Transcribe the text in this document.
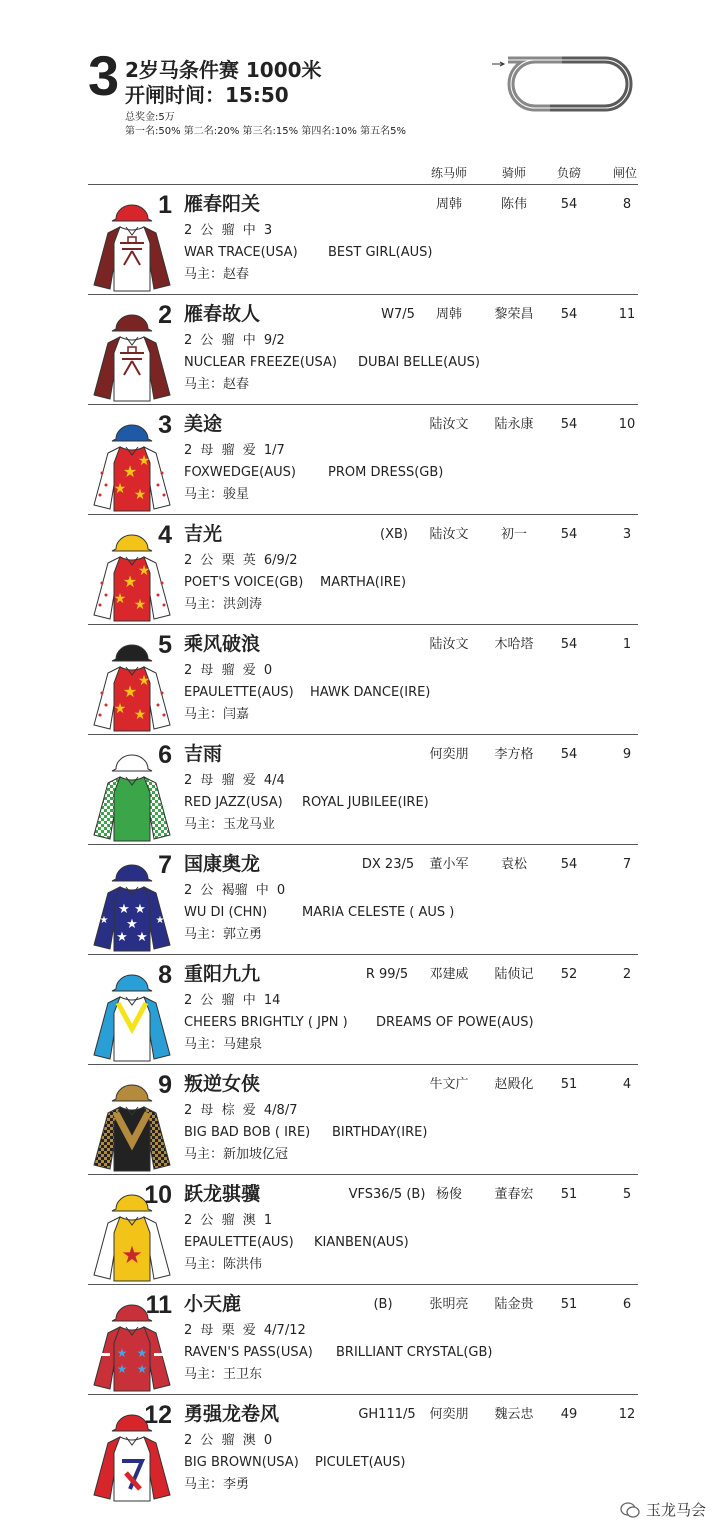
3 2岁马条件赛 1000米
开闸时间：15:50
总奖金:5万
第一名:50% 第二名:20% 第三名:15% 第四名:10% 第五名5%
练马师	骑师	负磅	闸位
1 雁春阳关	周韩	陈伟	54	8
2 公 骝 中 3
WAR TRACE(USA) BEST GIRL(AUS)
马主：赵春
2 雁春故人	W7/5	周韩	黎荣昌	54	11
2 公 骝 中 9/2
NUCLEAR FREEZE(USA) DUBAI BELLE(AUS)
马主：赵春
★
★
★ ★
3 美途	陆汝文	陆永康	54	10
2 母 骝 爱 1/7
FOXWEDGE(AUS) PROM DRESS(GB)
马主：骏星
★
★
★ ★
4 吉光	(XB)	陆汝文	初一	54	3
2 公 栗 英 6/9/2
POET'S VOICE(GB) MARTHA(IRE)
马主：洪剑涛
★
★
★ ★
5 乘风破浪	陆汝文	木哈塔	54	1
2 母 骝 爱 0
EPAULETTE(AUS) HAWK DANCE(IRE)
马主：闫嘉
6 吉雨	何奕朋	李方格	54	9
2 母 骝 爱 4/4
RED JAZZ(USA) ROYAL JUBILEE(IRE)
马主：玉龙马业
★ ★
★
★ ★
★	★
7 国康奥龙	DX 23/5	董小军	袁松	54	7
2 公 褐骝 中 0
WU DI (CHN)	MARIA CELESTE ( AUS )
马主：郭立勇
8 重阳九九	R 99/5	邓建威	陆侦记	52	2
2 公 骝 中 14
CHEERS BRIGHTLY ( JPN ) DREAMS OF POWE(AUS)
马主：马建泉
9 叛逆女侠	牛文广	赵殿化	51	4
2 母 棕 爱 4/8/7
BIG BAD BOB ( IRE) BIRTHDAY(IRE)
马主：新加坡亿冠
★
10 跃龙骐骥	VFS36/5 (B) 杨俊	董春宏	51	5
2 公 骝 澳 1
EPAULETTE(AUS) KIANBEN(AUS)
马主：陈洪伟
★ ★
★ ★
11 小天鹿	(B)	张明亮	陆金贵	51	6
2 母 栗 爱 4/7/12
RAVEN'S PASS(USA) BRILLIANT CRYSTAL(GB)
马主：王卫东
12 勇强龙卷风	GH111/5	何奕朋	魏云忠	49	12
2 公 骝 澳 0
BIG BROWN(USA) PICULET(AUS)
马主：李勇
玉龙马会
